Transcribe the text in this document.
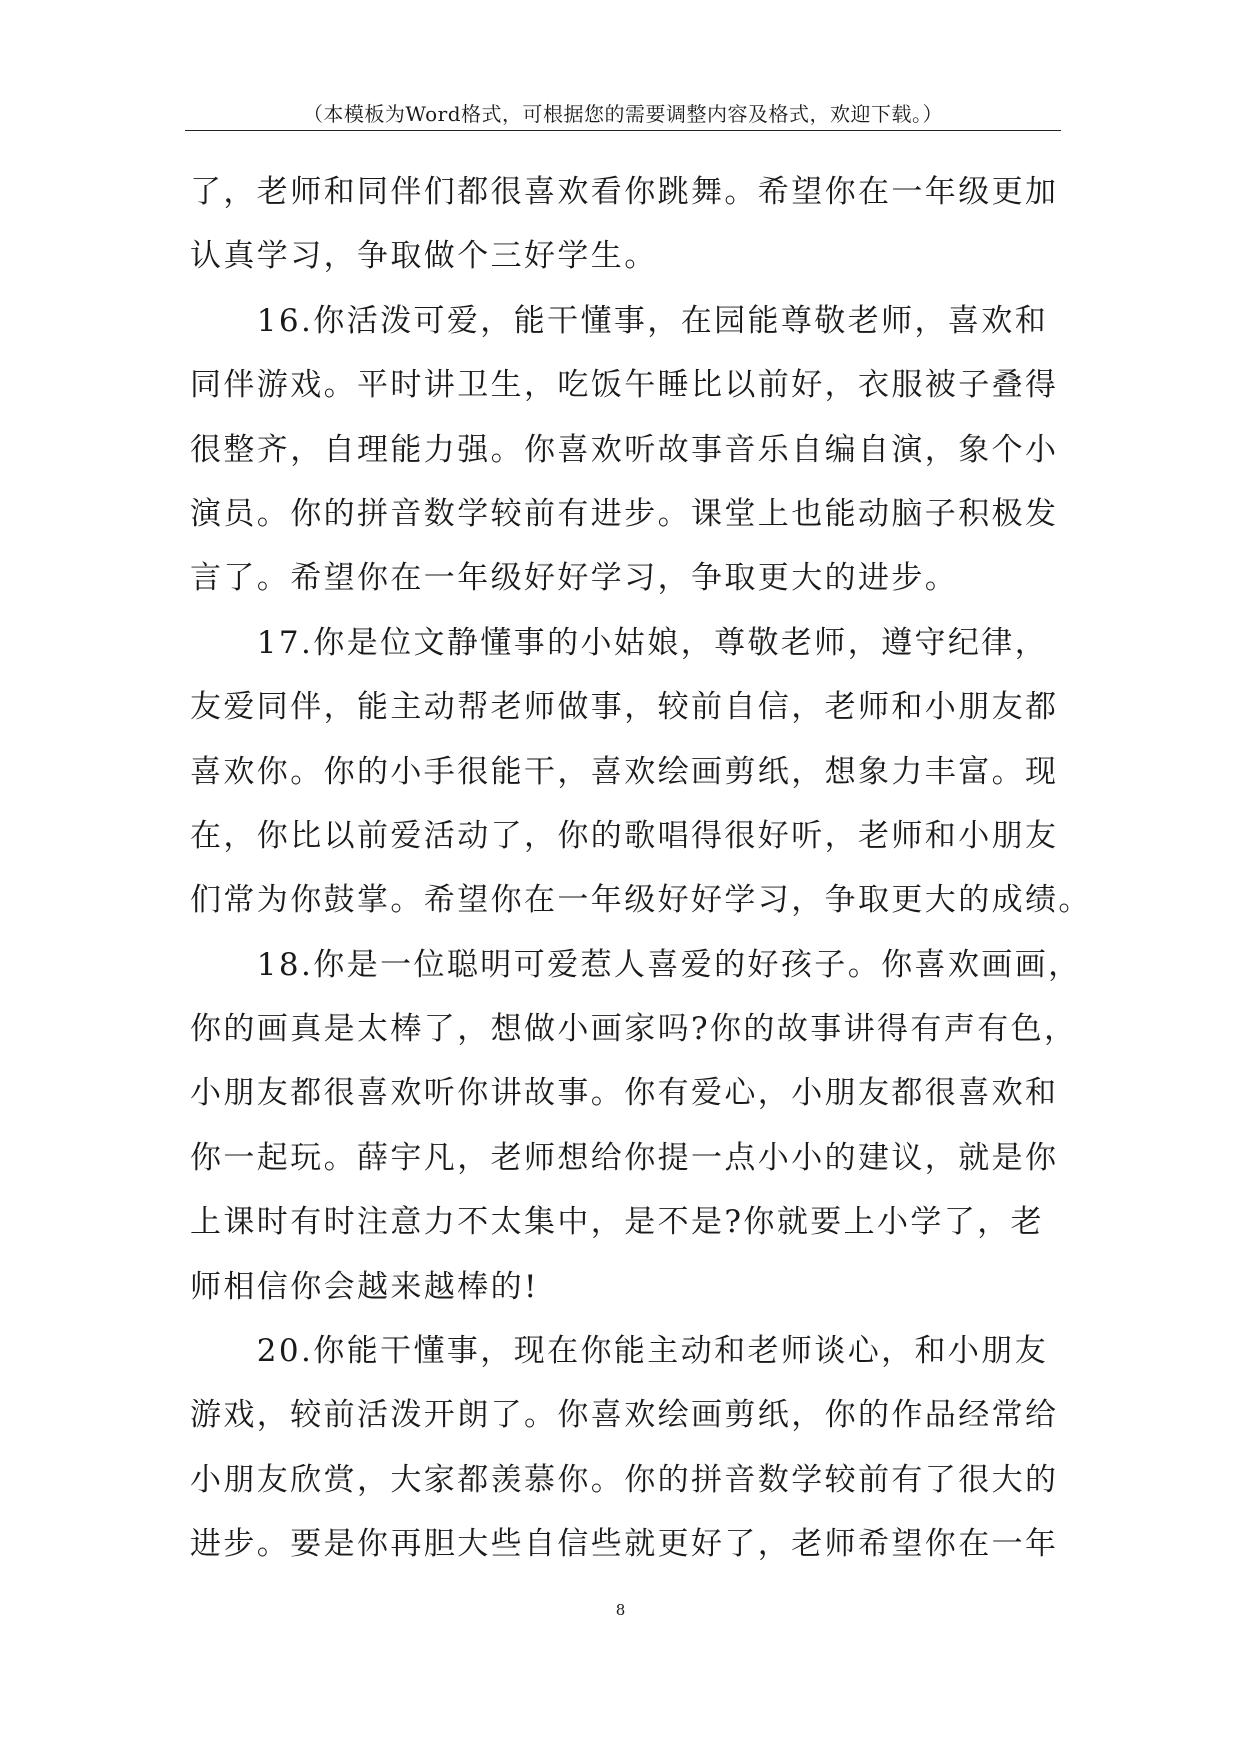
（本模板为Word格式，可根据您的需要调整内容及格式，欢迎下载。）
了，老师和同伴们都很喜欢看你跳舞。希望你在一年级更加
认真学习，争取做个三好学生。
　　16.你活泼可爱，能干懂事，在园能尊敬老师，喜欢和
同伴游戏。平时讲卫生，吃饭午睡比以前好，衣服被子叠得
很整齐，自理能力强。你喜欢听故事音乐自编自演，象个小
演员。你的拼音数学较前有进步。课堂上也能动脑子积极发
言了。希望你在一年级好好学习，争取更大的进步。
　　17.你是位文静懂事的小姑娘，尊敬老师，遵守纪律，
友爱同伴，能主动帮老师做事，较前自信，老师和小朋友都
喜欢你。你的小手很能干，喜欢绘画剪纸，想象力丰富。现
在，你比以前爱活动了，你的歌唱得很好听，老师和小朋友
们常为你鼓掌。希望你在一年级好好学习，争取更大的成绩。
　　18.你是一位聪明可爱惹人喜爱的好孩子。你喜欢画画，
你的画真是太棒了，想做小画家吗?你的故事讲得有声有色，
小朋友都很喜欢听你讲故事。你有爱心，小朋友都很喜欢和
你一起玩。薛宇凡，老师想给你提一点小小的建议，就是你
上课时有时注意力不太集中，是不是?你就要上小学了，老
师相信你会越来越棒的!
　　20.你能干懂事，现在你能主动和老师谈心，和小朋友
游戏，较前活泼开朗了。你喜欢绘画剪纸，你的作品经常给
小朋友欣赏，大家都羡慕你。你的拼音数学较前有了很大的
进步。要是你再胆大些自信些就更好了，老师希望你在一年
8
